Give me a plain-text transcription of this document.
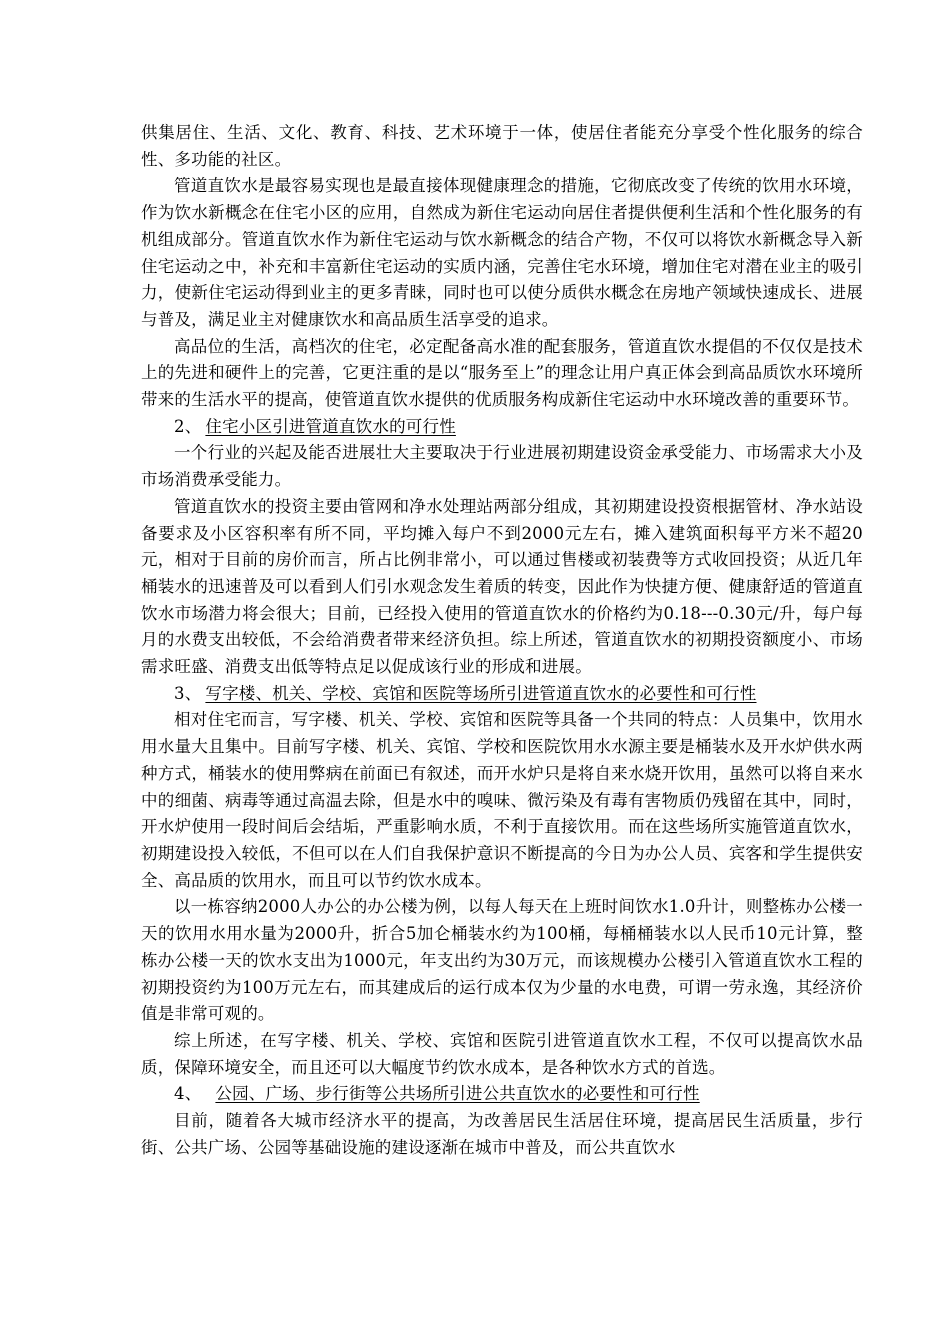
供集居住、生活、文化、教育、科技、艺术环境于一体，使居住者能充分享受个性化服务的综合性、多功能的社区。

管道直饮水是最容易实现也是最直接体现健康理念的措施，它彻底改变了传统的饮用水环境，作为饮水新概念在住宅小区的应用，自然成为新住宅运动向居住者提供便利生活和个性化服务的有机组成部分。管道直饮水作为新住宅运动与饮水新概念的结合产物，不仅可以将饮水新概念导入新住宅运动之中，补充和丰富新住宅运动的实质内涵，完善住宅水环境，增加住宅对潜在业主的吸引力，使新住宅运动得到业主的更多青睐，同时也可以使分质供水概念在房地产领域快速成长、进展与普及，满足业主对健康饮水和高品质生活享受的追求。

高品位的生活，高档次的住宅，必定配备高水准的配套服务，管道直饮水提倡的不仅仅是技术上的先进和硬件上的完善，它更注重的是以“服务至上”的理念让用户真正体会到高品质饮水环境所带来的生活水平的提高，使管道直饮水提供的优质服务构成新住宅运动中水环境改善的重要环节。

2、 住宅小区引进管道直饮水的可行性

一个行业的兴起及能否进展壮大主要取决于行业进展初期建设资金承受能力、市场需求大小及市场消费承受能力。

管道直饮水的投资主要由管网和净水处理站两部分组成，其初期建设投资根据管材、净水站设备要求及小区容积率有所不同，平均摊入每户不到2000元左右，摊入建筑面积每平方米不超20元，相对于目前的房价而言，所占比例非常小，可以通过售楼或初装费等方式收回投资；从近几年桶装水的迅速普及可以看到人们引水观念发生着质的转变，因此作为快捷方便、健康舒适的管道直饮水市场潜力将会很大；目前，已经投入使用的管道直饮水的价格约为0.18---0.30元/升，每户每月的水费支出较低，不会给消费者带来经济负担。综上所述，管道直饮水的初期投资额度小、市场需求旺盛、消费支出低等特点足以促成该行业的形成和进展。

3、 写字楼、机关、学校、宾馆和医院等场所引进管道直饮水的必要性和可行性

相对住宅而言，写字楼、机关、学校、宾馆和医院等具备一个共同的特点：人员集中，饮用水用水量大且集中。目前写字楼、机关、宾馆、学校和医院饮用水水源主要是桶装水及开水炉供水两种方式，桶装水的使用弊病在前面已有叙述，而开水炉只是将自来水烧开饮用，虽然可以将自来水中的细菌、病毒等通过高温去除，但是水中的嗅味、微污染及有毒有害物质仍残留在其中，同时，开水炉使用一段时间后会结垢，严重影响水质，不利于直接饮用。而在这些场所实施管道直饮水，初期建设投入较低，不但可以在人们自我保护意识不断提高的今日为办公人员、宾客和学生提供安全、高品质的饮用水，而且可以节约饮水成本。

以一栋容纳2000人办公的办公楼为例，以每人每天在上班时间饮水1.0升计，则整栋办公楼一天的饮用水用水量为2000升，折合5加仑桶装水约为100桶，每桶桶装水以人民币10元计算，整栋办公楼一天的饮水支出为1000元，年支出约为30万元，而该规模办公楼引入管道直饮水工程的初期投资约为100万元左右，而其建成后的运行成本仅为少量的水电费，可谓一劳永逸，其经济价值是非常可观的。

综上所述，在写字楼、机关、学校、宾馆和医院引进管道直饮水工程，不仅可以提高饮水品质，保障环境安全，而且还可以大幅度节约饮水成本，是各种饮水方式的首选。

4、 公园、广场、步行街等公共场所引进公共直饮水的必要性和可行性

目前，随着各大城市经济水平的提高，为改善居民生活居住环境，提高居民生活质量，步行街、公共广场、公园等基础设施的建设逐渐在城市中普及，而公共直饮水
